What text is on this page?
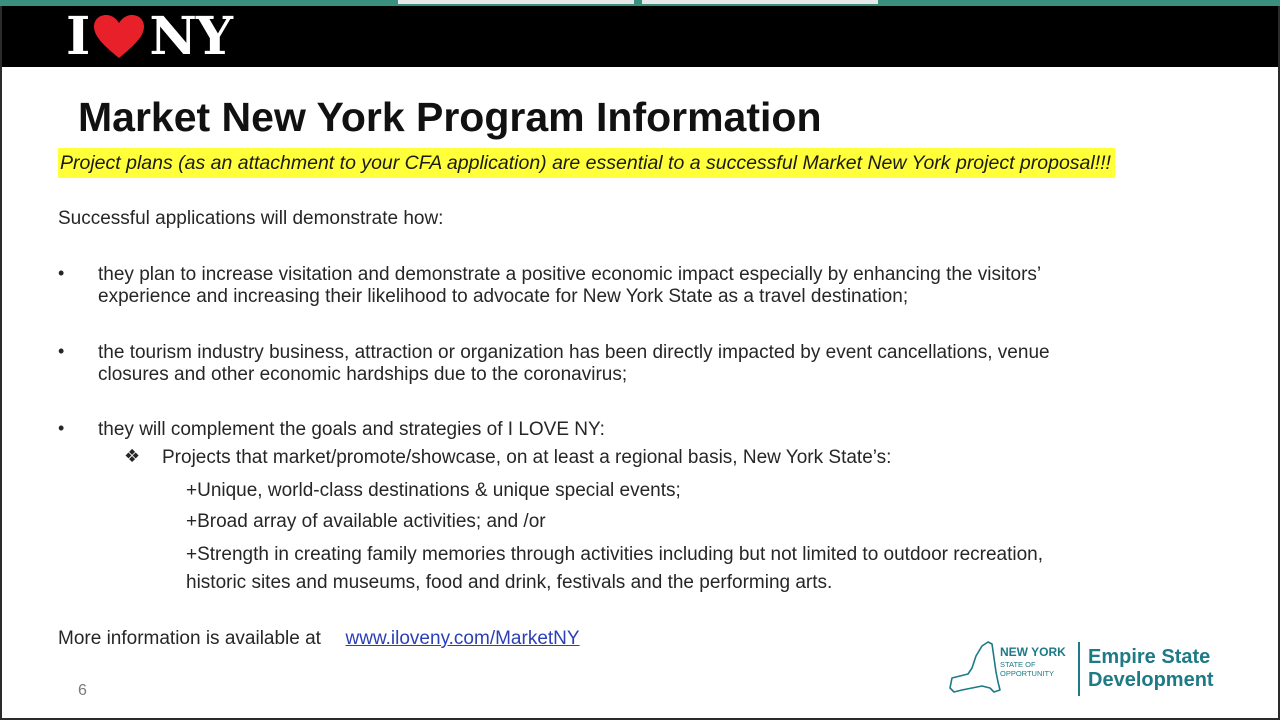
I NY
Market New York Program Information
Project plans (as an attachment to your CFA application) are essential to a successful Market New York project proposal!!!
Successful applications will demonstrate how:
• they plan to increase visitation and demonstrate a positive economic impact especially by enhancing the visitors’
experience and increasing their likelihood to advocate for New York State as a travel destination;
• the tourism industry business, attraction or organization has been directly impacted by event cancellations, venue
closures and other economic hardships due to the coronavirus;
• they will complement the goals and strategies of I LOVE NY:
❖ Projects that market/promote/showcase, on at least a regional basis, New York State’s:
+Unique, world-class destinations & unique special events;
+Broad array of available activities; and /or
+Strength in creating family memories through activities including but not limited to outdoor recreation,
historic sites and museums, food and drink, festivals and the performing arts.
More information is available at www.iloveny.com/MarketNY
6
NEW YORK
STATE OF
OPPORTUNITY
Empire State
Development
